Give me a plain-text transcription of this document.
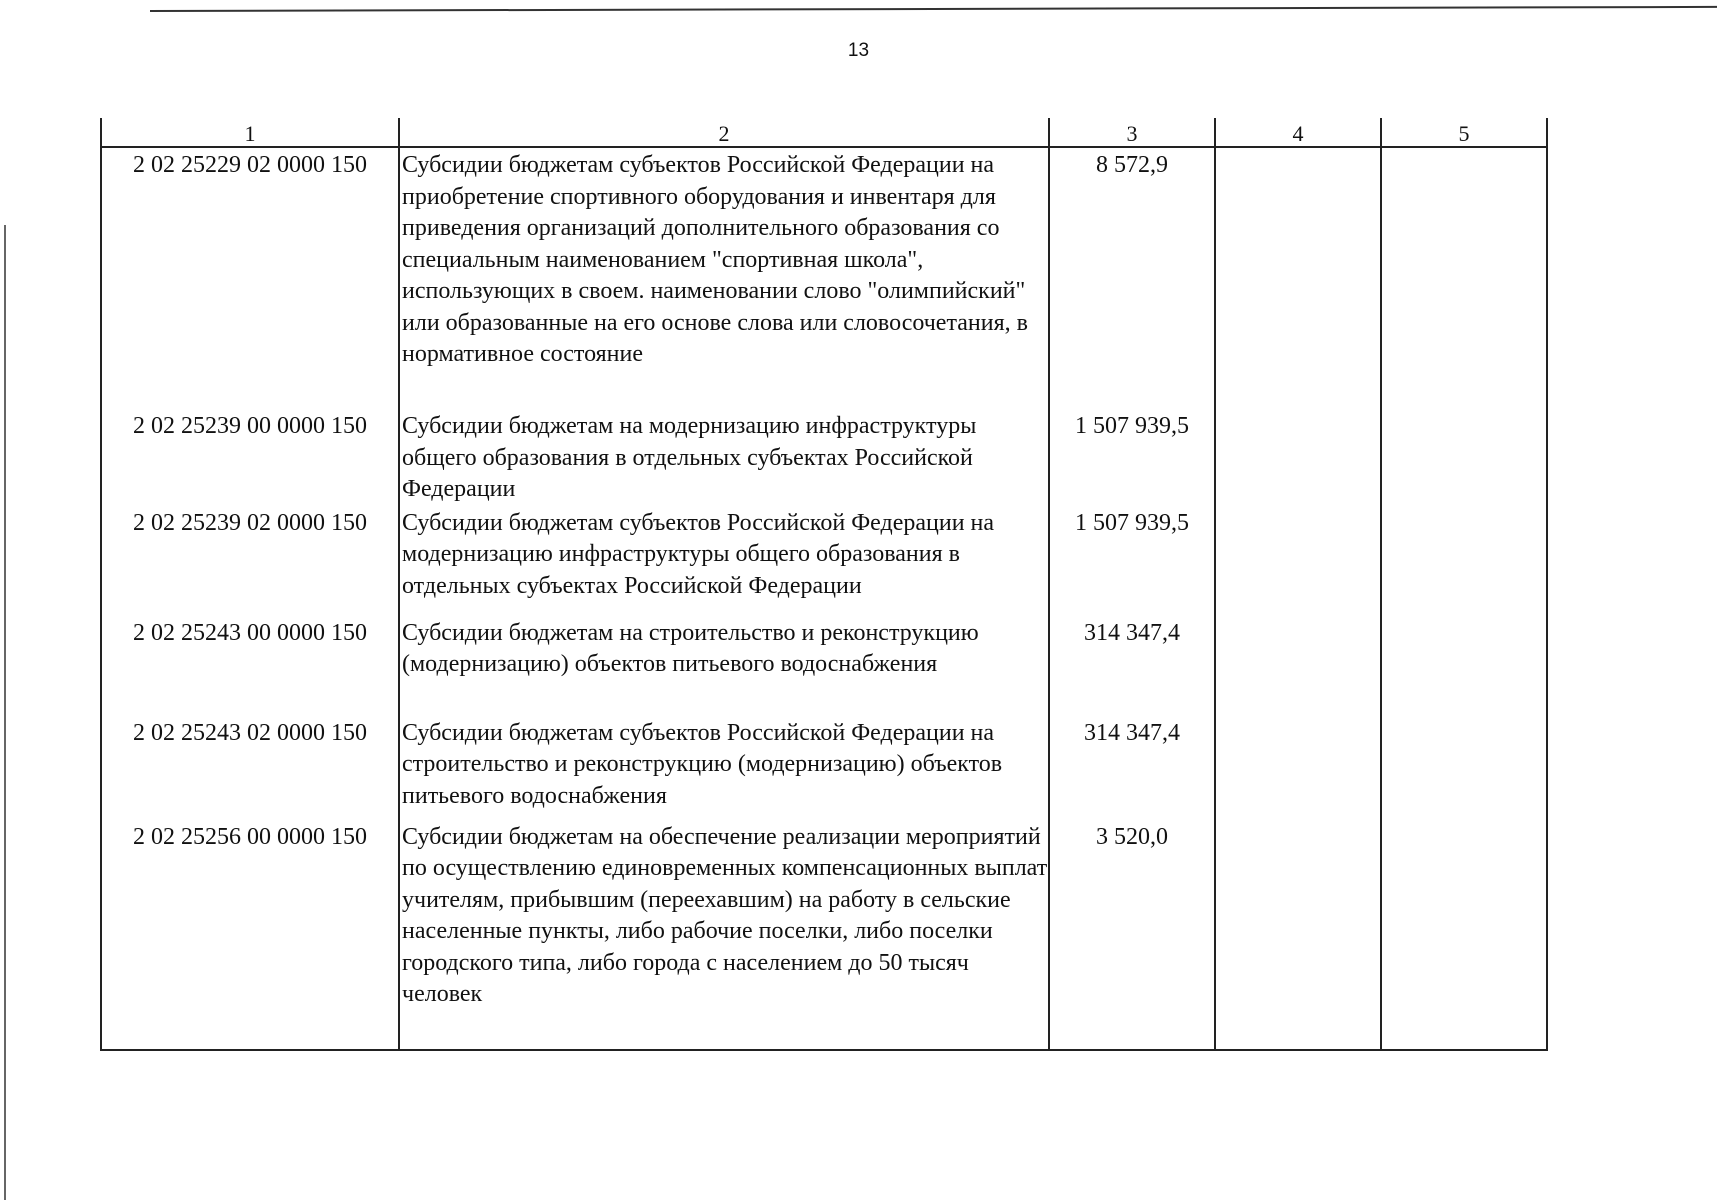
13
1	2	3	4	5
2 02 25229 02 0000 150	Субсидии бюджетам субъектов Российской Федерации на приобретение спортивного оборудования и инвентаря для приведения организаций дополнительного образования со специальным наименованием "спортивная школа", использующих в своем. наименовании слово "олимпийский" или образованные на его основе слова или словосочетания, в нормативное состояние	8 572,9		
2 02 25239 00 0000 150	Субсидии бюджетам на модернизацию инфраструктуры общего образования в отдельных субъектах Российской Федерации	1 507 939,5		
2 02 25239 02 0000 150	Субсидии бюджетам субъектов Российской Федерации на модернизацию инфраструктуры общего образования в отдельных субъектах Российской Федерации	1 507 939,5		
2 02 25243 00 0000 150	Субсидии бюджетам на строительство и реконструкцию (модернизацию) объектов питьевого водоснабжения	314 347,4		
2 02 25243 02 0000 150	Субсидии бюджетам субъектов Российской Федерации на строительство и реконструкцию (модернизацию) объектов питьевого водоснабжения	314 347,4		
2 02 25256 00 0000 150	Субсидии бюджетам на обеспечение реализации мероприятий по осуществлению единовременных компенсационных выплат учителям, прибывшим (переехавшим) на работу в сельские населенные пункты, либо рабочие поселки, либо поселки городского типа, либо города с населением до 50 тысяч человек	3 520,0		
